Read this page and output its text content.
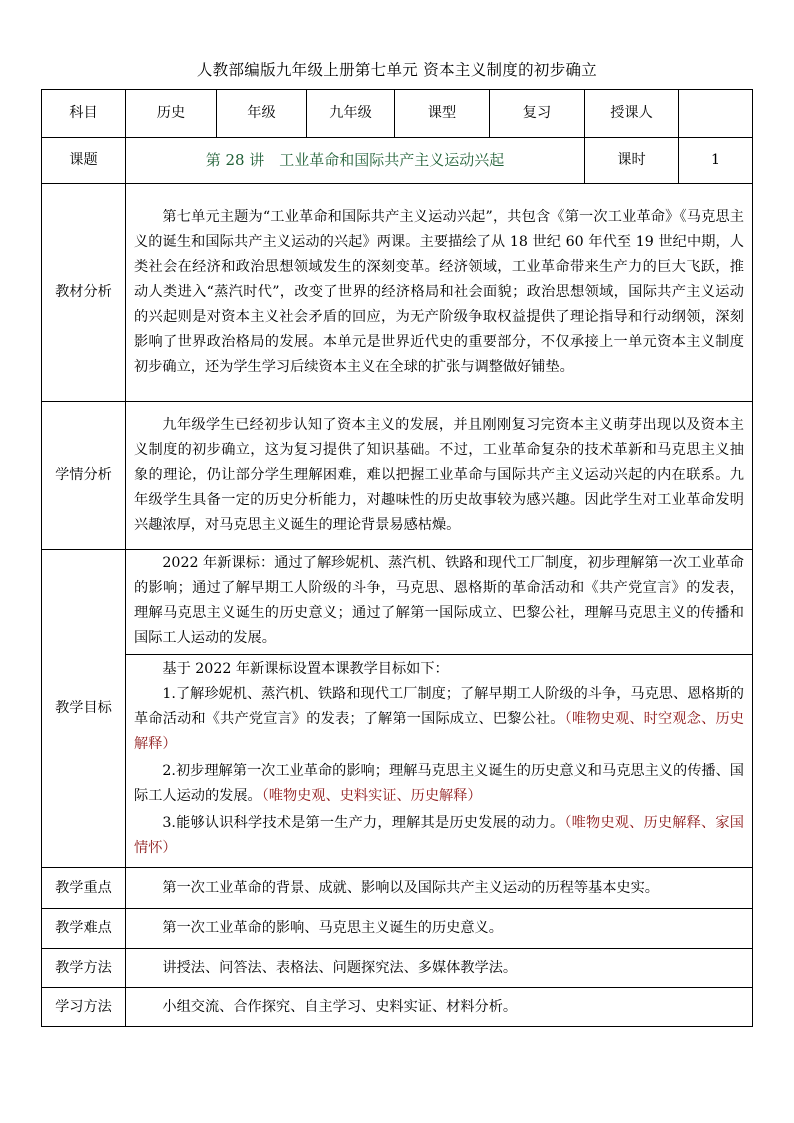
人教部编版九年级上册第七单元 资本主义制度的初步确立
科目	历史	年级	九年级	课型	复习	授课人	
课题	第 28 讲　工业革命和国际共产主义运动兴起					课时	1
教材分析	第七单元主题为“工业革命和国际共产主义运动兴起”，共包含《第一次工业革命》《马克思主义的诞生和国际共产主义运动的兴起》两课。主要描绘了从 18 世纪 60 年代至 19 世纪中期，人类社会在经济和政治思想领域发生的深刻变革。经济领域，工业革命带来生产力的巨大飞跃，推动人类进入“蒸汽时代”，改变了世界的经济格局和社会面貌；政治思想领域，国际共产主义运动的兴起则是对资本主义社会矛盾的回应，为无产阶级争取权益提供了理论指导和行动纲领，深刻影响了世界政治格局的发展。本单元是世界近代史的重要部分，不仅承接上一单元资本主义制度初步确立，还为学生学习后续资本主义在全球的扩张与调整做好铺垫。						

学情分析	九年级学生已经初步认知了资本主义的发展，并且刚刚复习完资本主义萌芽出现以及资本主义制度的初步确立，这为复习提供了知识基础。不过，工业革命复杂的技术革新和马克思主义抽象的理论，仍让部分学生理解困难，难以把握工业革命与国际共产主义运动兴起的内在联系。九年级学生具备一定的历史分析能力，对趣味性的历史故事较为感兴趣。因此学生对工业革命发明兴趣浓厚，对马克思主义诞生的理论背景易感枯燥。						

教学目标	2022 年新课标：通过了解珍妮机、蒸汽机、铁路和现代工厂制度，初步理解第一次工业革命的影响；通过了解早期工人阶级的斗争，马克思、恩格斯的革命活动和《共产党宣言》的发表，理解马克思主义诞生的历史意义；通过了解第一国际成立、巴黎公社，理解马克思主义的传播和国际工人运动的发展。
基于 2022 年新课标设置本课教学目标如下：
1.了解珍妮机、蒸汽机、铁路和现代工厂制度；了解早期工人阶级的斗争，马克思、恩格斯的革命活动和《共产党宣言》的发表；了解第一国际成立、巴黎公社。（唯物史观、时空观念、历史解释）
2.初步理解第一次工业革命的影响；理解马克思主义诞生的历史意义和马克思主义的传播、国际工人运动的发展。（唯物史观、史料实证、历史解释）
3.能够认识科学技术是第一生产力，理解其是历史发展的动力。（唯物史观、历史解释、家国情怀）						

教学重点	第一次工业革命的背景、成就、影响以及国际共产主义运动的历程等基本史实。						

教学难点	第一次工业革命的影响、马克思主义诞生的历史意义。						

教学方法	讲授法、问答法、表格法、问题探究法、多媒体教学法。						

学习方法	小组交流、合作探究、自主学习、史料实证、材料分析。						
